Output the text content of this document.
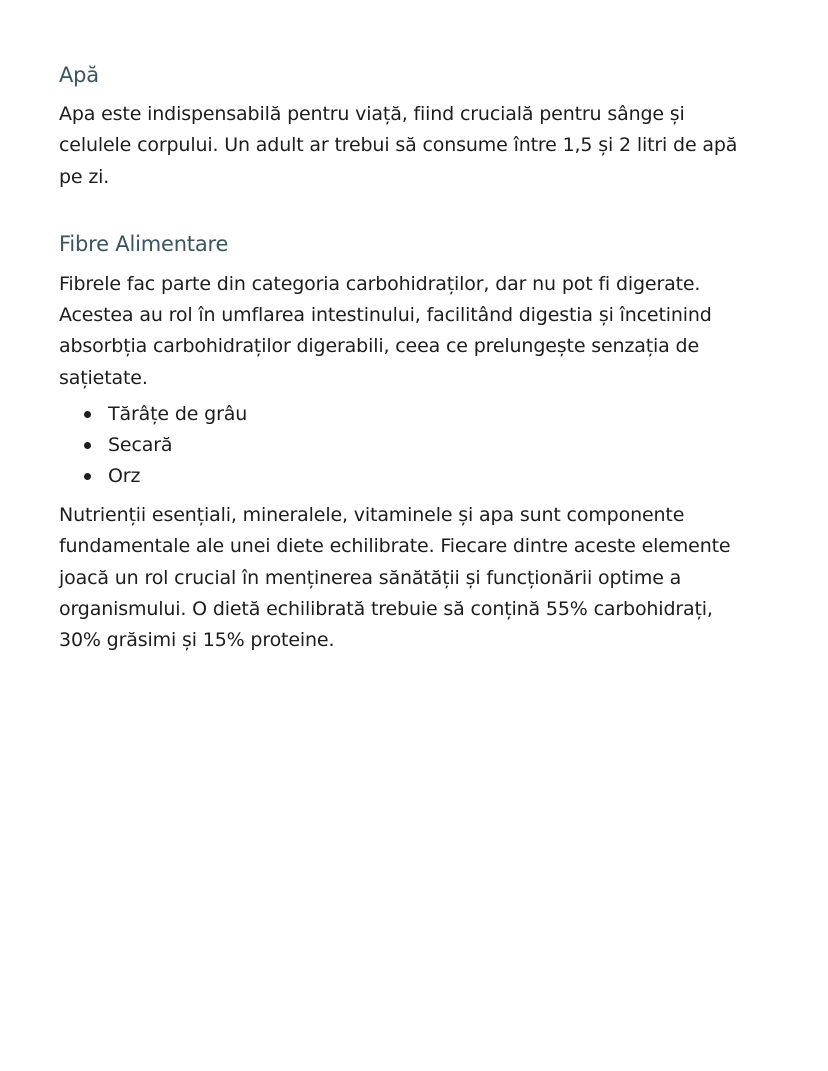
Apă

Apa este indispensabilă pentru viață, fiind crucială pentru sânge și celulele corpului. Un adult ar trebui să consume între 1,5 și 2 litri de apă pe zi.

Fibre Alimentare

Fibrele fac parte din categoria carbohidraților, dar nu pot fi digerate. Acestea au rol în umflarea intestinului, facilitând digestia și încetinind absorbția carbohidraților digerabili, ceea ce prelungește senzația de sațietate.

Tărâțe de grâu
Secară
Orz

Nutrienții esențiali, mineralele, vitaminele și apa sunt componente fundamentale ale unei diete echilibrate. Fiecare dintre aceste elemente joacă un rol crucial în menținerea sănătății și funcționării optime a organismului. O dietă echilibrată trebuie să conțină 55% carbohidrați, 30% grăsimi și 15% proteine.
